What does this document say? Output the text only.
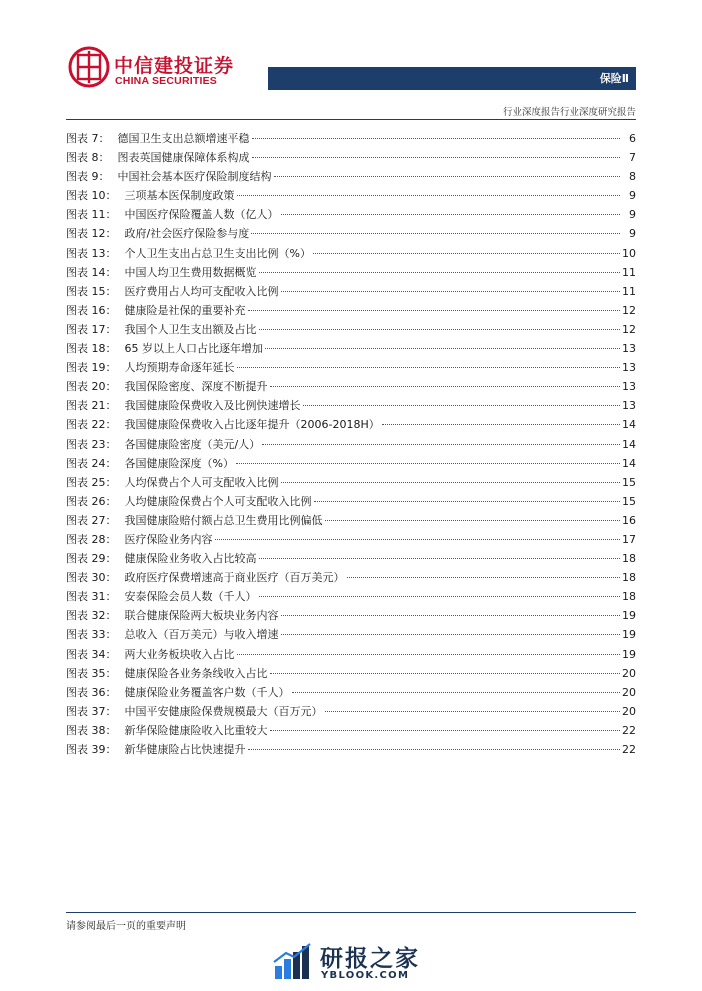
中信建投证券
CHINA SECURITIES	保险Ⅱ
行业深度报告行业深度研究报告
图表 7： 德国卫生支出总额增速平稳	6
图表 8： 图表英国健康保障体系构成	7
图表 9： 中国社会基本医疗保险制度结构	8
图表 10： 三项基本医保制度政策	9
图表 11： 中国医疗保险覆盖人数（亿人）	9
图表 12： 政府/社会医疗保险参与度	9
图表 13： 个人卫生支出占总卫生支出比例（%）	10
图表 14： 中国人均卫生费用数据概览	11
图表 15： 医疗费用占人均可支配收入比例	11
图表 16： 健康险是社保的重要补充	12
图表 17： 我国个人卫生支出额及占比	12
图表 18： 65 岁以上人口占比逐年增加	13
图表 19： 人均预期寿命逐年延长	13
图表 20： 我国保险密度、深度不断提升	13
图表 21： 我国健康险保费收入及比例快速增长	13
图表 22： 我国健康险保费收入占比逐年提升（2006-2018H）	14
图表 23： 各国健康险密度（美元/人）	14
图表 24： 各国健康险深度（%）	14
图表 25： 人均保费占个人可支配收入比例	15
图表 26： 人均健康险保费占个人可支配收入比例	15
图表 27： 我国健康险赔付额占总卫生费用比例偏低	16
图表 28： 医疗保险业务内容	17
图表 29： 健康保险业务收入占比较高	18
图表 30： 政府医疗保费增速高于商业医疗（百万美元）	18
图表 31： 安泰保险会员人数（千人）	18
图表 32： 联合健康保险两大板块业务内容	19
图表 33： 总收入（百万美元）与收入增速	19
图表 34： 两大业务板块收入占比	19
图表 35： 健康保险各业务条线收入占比	20
图表 36： 健康保险业务覆盖客户数（千人）	20
图表 37： 中国平安健康险保费规模最大（百万元）	20
图表 38： 新华保险健康险收入比重较大	22
图表 39： 新华健康险占比快速提升	22
请参阅最后一页的重要声明
研报之家
YBLOOK.COM
